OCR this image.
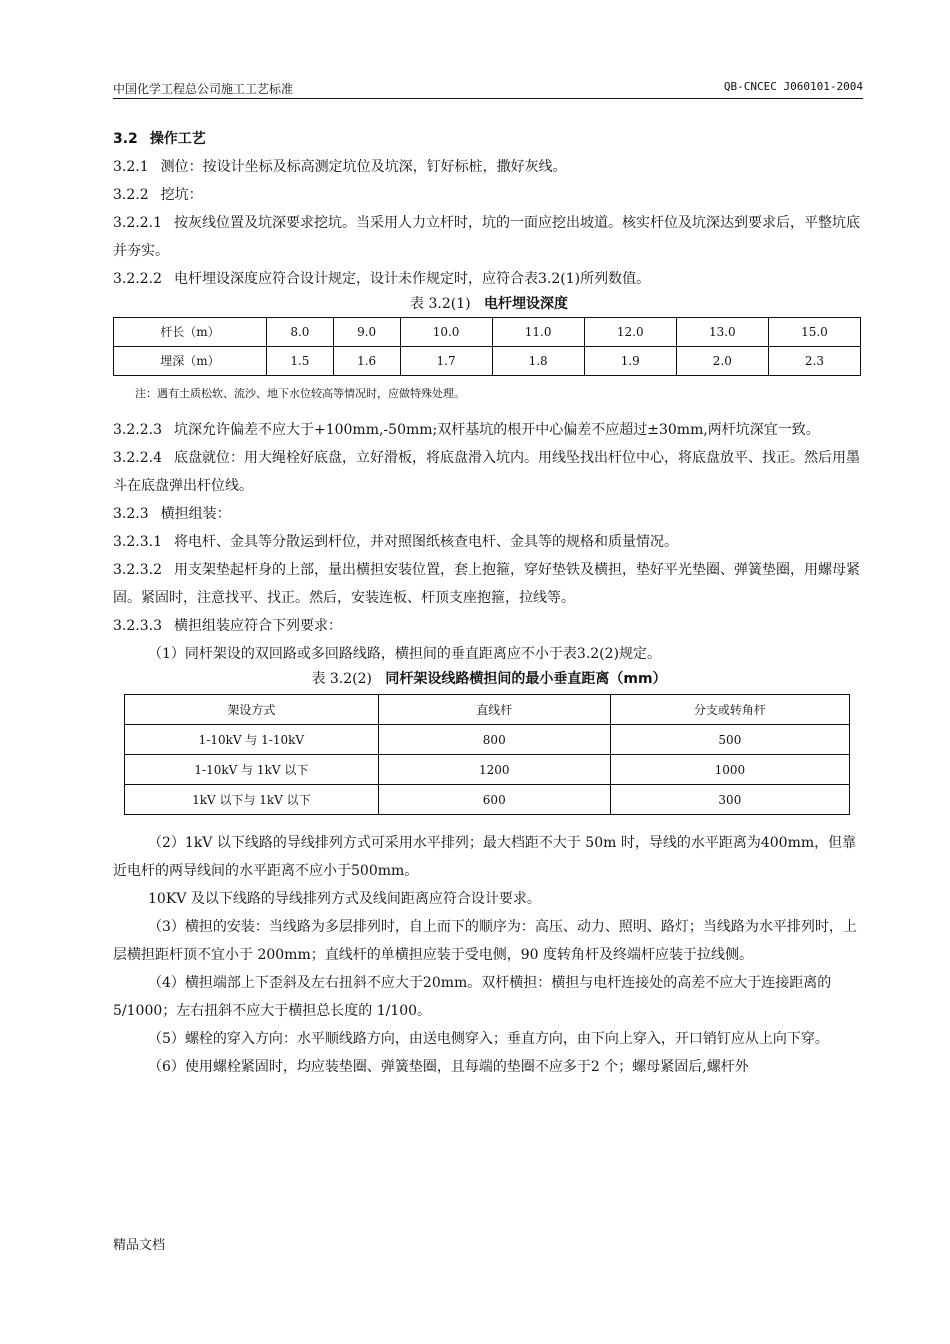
中国化学工程总公司施工工艺标准	QB-CNCEC J060101-2004

3.2 操作工艺

3.2.1 测位：按设计坐标及标高测定坑位及坑深，钉好标桩，撒好灰线。

3.2.2 挖坑：

3.2.2.1 按灰线位置及坑深要求挖坑。当采用人力立杆时，坑的一面应挖出坡道。核实杆位及坑深达到要求后，平整坑底并夯实。

3.2.2.2 电杆埋设深度应符合设计规定，设计未作规定时，应符合表3.2(1)所列数值。

表 3.2(1) 电杆埋设深度

杆长（m）	8.0	9.0	10.0	11.0	12.0	13.0	15.0
埋深（m）	1.5	1.6	1.7	1.8	1.9	2.0	2.3

注：遇有土质松软、流沙、地下水位较高等情况时，应做特殊处理。

3.2.2.3 坑深允许偏差不应大于+100mm,-50mm;双杆基坑的根开中心偏差不应超过±30mm,两杆坑深宜一致。

3.2.2.4 底盘就位：用大绳栓好底盘，立好滑板，将底盘滑入坑内。用线坠找出杆位中心，将底盘放平、找正。然后用墨斗在底盘弹出杆位线。

3.2.3 横担组装：

3.2.3.1 将电杆、金具等分散运到杆位，并对照图纸核查电杆、金具等的规格和质量情况。

3.2.3.2 用支架垫起杆身的上部，量出横担安装位置，套上抱箍，穿好垫铁及横担，垫好平光垫圈、弹簧垫圈，用螺母紧固。紧固时，注意找平、找正。然后，安装连板、杆顶支座抱箍，拉线等。

3.2.3.3 横担组装应符合下列要求：

（1）同杆架设的双回路或多回路线路，横担间的垂直距离应不小于表3.2(2)规定。

表 3.2(2) 同杆架设线路横担间的最小垂直距离（mm）

架设方式	直线杆	分支或转角杆
1-10kV 与 1-10kV	800	500
1-10kV 与 1kV 以下	1200	1000
1kV 以下与 1kV 以下	600	300

（2）1kV 以下线路的导线排列方式可采用水平排列；最大档距不大于 50m 时，导线的水平距离为400mm，但靠近电杆的两导线间的水平距离不应小于500mm。

10KV 及以下线路的导线排列方式及线间距离应符合设计要求。

（3）横担的安装：当线路为多层排列时，自上而下的顺序为：高压、动力、照明、路灯；当线路为水平排列时，上层横担距杆顶不宜小于 200mm；直线杆的单横担应装于受电侧，90 度转角杆及终端杆应装于拉线侧。

（4）横担端部上下歪斜及左右扭斜不应大于20mm。双杆横担：横担与电杆连接处的高差不应大于连接距离的 5/1000；左右扭斜不应大于横担总长度的 1/100。

（5）螺栓的穿入方向：水平顺线路方向，由送电侧穿入；垂直方向，由下向上穿入，开口销钉应从上向下穿。

（6）使用螺栓紧固时，均应装垫圈、弹簧垫圈，且每端的垫圈不应多于2 个；螺母紧固后,螺杆外

精品文档
